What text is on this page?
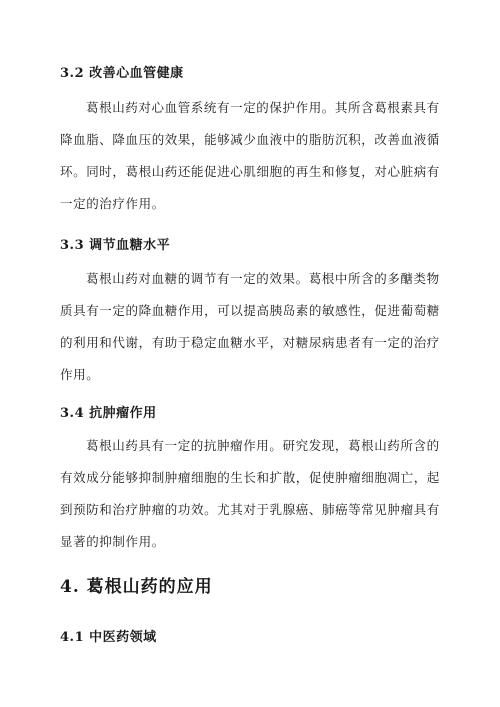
3.2 改善心血管健康
葛根山药对心血管系统有一定的保护作用。其所含葛根素具有
降血脂、降血压的效果，能够减少血液中的脂肪沉积，改善血液循
环。同时，葛根山药还能促进心肌细胞的再生和修复，对心脏病有
一定的治疗作用。
3.3 调节血糖水平
葛根山药对血糖的调节有一定的效果。葛根中所含的多醣类物
质具有一定的降血糖作用，可以提高胰岛素的敏感性，促进葡萄糖
的利用和代谢，有助于稳定血糖水平，对糖尿病患者有一定的治疗
作用。
3.4 抗肿瘤作用
葛根山药具有一定的抗肿瘤作用。研究发现，葛根山药所含的
有效成分能够抑制肿瘤细胞的生长和扩散，促使肿瘤细胞凋亡，起
到预防和治疗肿瘤的功效。尤其对于乳腺癌、肺癌等常见肿瘤具有
显著的抑制作用。
4. 葛根山药的应用
4.1 中医药领域
